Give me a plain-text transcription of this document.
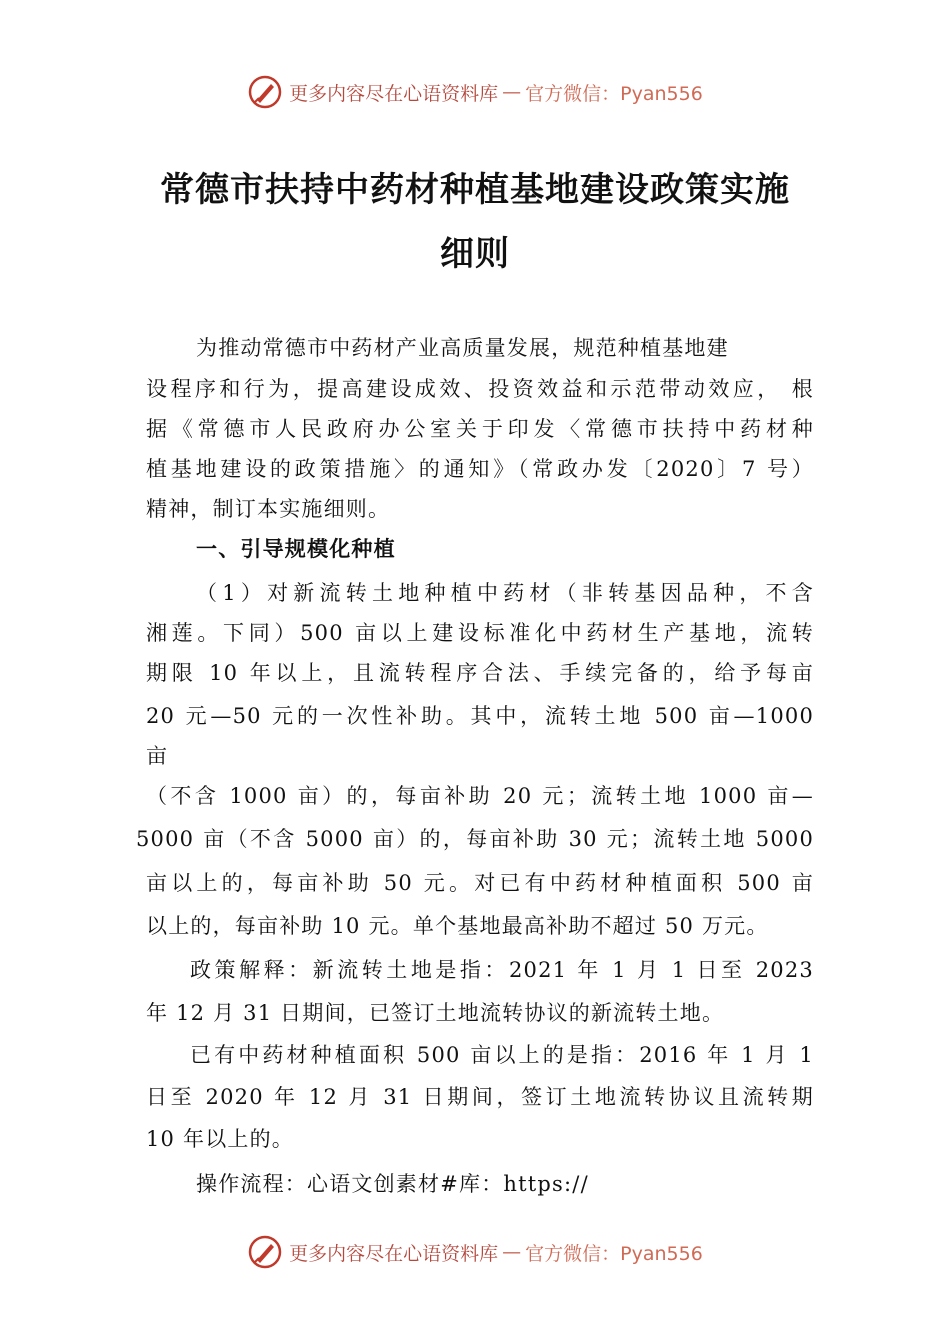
更多内容尽在心语资料库 — 官方微信：Pyan556
常德市扶持中药材种植基地建设政策实施
细则
为推动常德市中药材产业高质量发展，规范种植基地建
设程序和行为，提高建设成效、投资效益和示范带动效应， 根
据《常德市人民政府办公室关于印发〈常德市扶持中药材种
植基地建设的政策措施〉的通知》（常政办发〔2020〕7 号）
精神，制订本实施细则。
一、引导规模化种植
（1）对新流转土地种植中药材（非转基因品种，不含
湘莲。下同）500 亩以上建设标准化中药材生产基地，流转
期限 10 年以上，且流转程序合法、手续完备的，给予每亩
20 元—50 元的一次性补助。其中，流转土地 500 亩—1000
亩
（不含 1000 亩）的，每亩补助 20 元；流转土地 1000 亩—
5000 亩（不含 5000 亩）的，每亩补助 30 元；流转土地 5000
亩以上的，每亩补助 50 元。对已有中药材种植面积 500 亩
以上的，每亩补助 10 元。单个基地最高补助不超过 50 万元。
政策解释：新流转土地是指：2021 年 1 月 1 日至 2023
年 12 月 31 日期间，已签订土地流转协议的新流转土地。
已有中药材种植面积 500 亩以上的是指：2016 年 1 月 1
日至 2020 年 12 月 31 日期间，签订土地流转协议且流转期
10 年以上的。
操作流程：心语文创素材#库：https://
更多内容尽在心语资料库 — 官方微信：Pyan556
